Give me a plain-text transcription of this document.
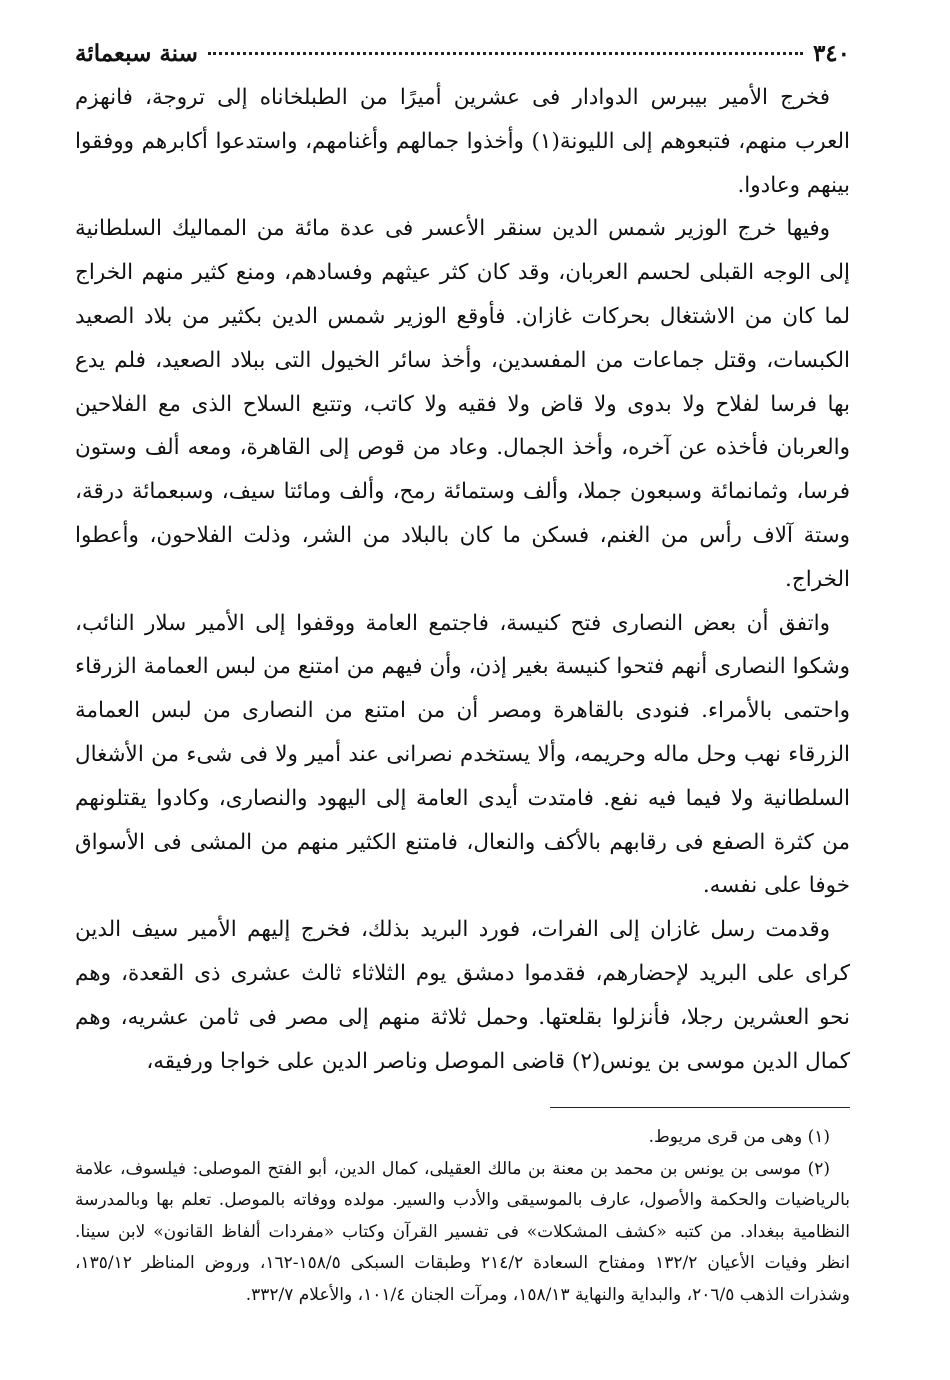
٣٤٠
سنة سبعمائة

فخرج الأمير بيبرس الدوادار فى عشرين أميرًا من الطبلخاناه إلى تروجة، فانهزم العرب منهم، فتبعوهم إلى الليونة(١) وأخذوا جمالهم وأغنامهم، واستدعوا أكابرهم ووفقوا بينهم وعادوا.

وفيها خرج الوزير شمس الدين سنقر الأعسر فى عدة مائة من المماليك السلطانية إلى الوجه القبلى لحسم العربان، وقد كان كثر عيثهم وفسادهم، ومنع كثير منهم الخراج لما كان من الاشتغال بحركات غازان. فأوقع الوزير شمس الدين بكثير من بلاد الصعيد الكبسات، وقتل جماعات من المفسدين، وأخذ سائر الخيول التى ببلاد الصعيد، فلم يدع بها فرسا لفلاح ولا بدوى ولا قاض ولا فقيه ولا كاتب، وتتبع السلاح الذى مع الفلاحين والعربان فأخذه عن آخره، وأخذ الجمال. وعاد من قوص إلى القاهرة، ومعه ألف وستون فرسا، وثمانمائة وسبعون جملا، وألف وستمائة رمح، وألف ومائتا سيف، وسبعمائة درقة، وستة آلاف رأس من الغنم، فسكن ما كان بالبلاد من الشر، وذلت الفلاحون، وأعطوا الخراج.

واتفق أن بعض النصارى فتح كنيسة، فاجتمع العامة ووقفوا إلى الأمير سلار النائب، وشكوا النصارى أنهم فتحوا كنيسة بغير إذن، وأن فيهم من امتنع من لبس العمامة الزرقاء واحتمى بالأمراء. فنودى بالقاهرة ومصر أن من امتنع من النصارى من لبس العمامة الزرقاء نهب وحل ماله وحريمه، وألا يستخدم نصرانى عند أمير ولا فى شىء من الأشغال السلطانية ولا فيما فيه نفع. فامتدت أيدى العامة إلى اليهود والنصارى، وكادوا يقتلونهم من كثرة الصفع فى رقابهم بالأكف والنعال، فامتنع الكثير منهم من المشى فى الأسواق خوفا على نفسه.

وقدمت رسل غازان إلى الفرات، فورد البريد بذلك، فخرج إليهم الأمير سيف الدين كراى على البريد لإحضارهم، فقدموا دمشق يوم الثلاثاء ثالث عشرى ذى القعدة، وهم نحو العشرين رجلا، فأنزلوا بقلعتها. وحمل ثلاثة منهم إلى مصر فى ثامن عشريه، وهم كمال الدين موسى بن يونس(٢) قاضى الموصل وناصر الدين على خواجا ورفيقه،

(١) وهى من قرى مريوط.

(٢) موسى بن يونس بن محمد بن معنة بن مالك العقيلى، كمال الدين، أبو الفتح الموصلى: فيلسوف، علامة بالرياضيات والحكمة والأصول، عارف بالموسيقى والأدب والسير. مولده ووفاته بالموصل. تعلم بها وبالمدرسة النظامية ببغداد. من كتبه «كشف المشكلات» فى تفسير القرآن وكتاب «مفردات ألفاظ القانون» لابن سينا. انظر وفيات الأعيان ١٣٢/٢ ومفتاح السعادة ٢١٤/٢ وطبقات السبكى ١٥٨/٥-١٦٢، وروض المناظر ١٣٥/١٢، وشذرات الذهب ٢٠٦/٥، والبداية والنهاية ١٥٨/١٣، ومرآت الجنان ١٠١/٤، والأعلام ٣٣٢/٧.
